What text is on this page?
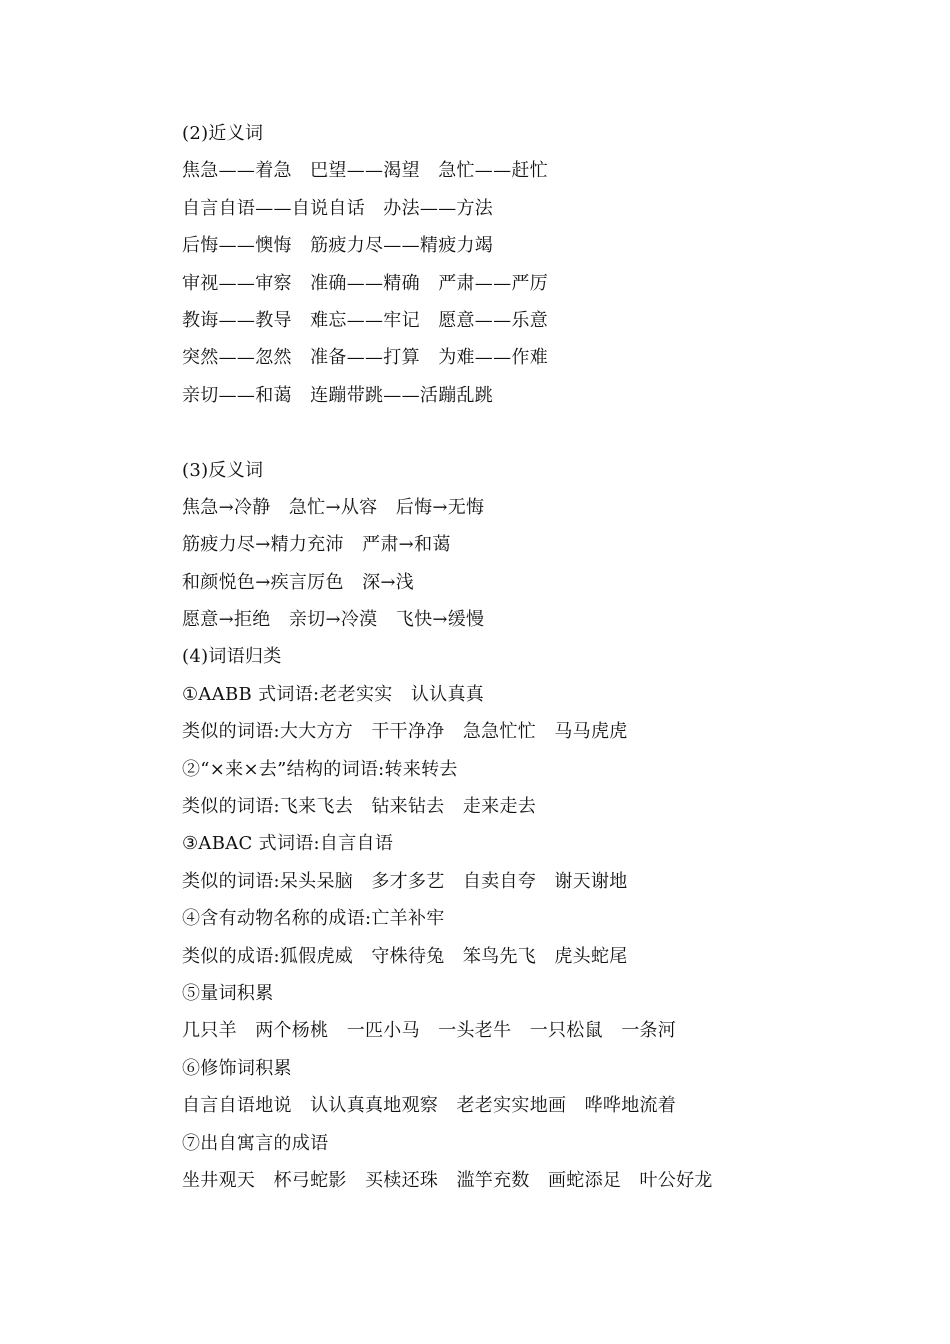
(2)近义词
焦急——着急　巴望——渴望　急忙——赶忙
自言自语——自说自话　办法——方法
后悔——懊悔　筋疲力尽——精疲力竭
审视——审察　准确——精确　严肃——严厉
教诲——教导　难忘——牢记　愿意——乐意
突然——忽然　准备——打算　为难——作难
亲切——和蔼　连蹦带跳——活蹦乱跳
(3)反义词
焦急→冷静　急忙→从容　后悔→无悔
筋疲力尽→精力充沛　严肃→和蔼
和颜悦色→疾言厉色　深→浅
愿意→拒绝　亲切→冷漠　飞快→缓慢
(4)词语归类
①AABB 式词语:老老实实　认认真真
类似的词语:大大方方　干干净净　急急忙忙　马马虎虎
②“×来×去”结构的词语:转来转去
类似的词语:飞来飞去　钻来钻去　走来走去
③ABAC 式词语:自言自语
类似的词语:呆头呆脑　多才多艺　自卖自夸　谢天谢地
④含有动物名称的成语:亡羊补牢
类似的成语:狐假虎威　守株待兔　笨鸟先飞　虎头蛇尾
⑤量词积累
几只羊　两个杨桃　一匹小马　一头老牛　一只松鼠　一条河
⑥修饰词积累
自言自语地说　认认真真地观察　老老实实地画　哗哗地流着
⑦出自寓言的成语
坐井观天　杯弓蛇影　买椟还珠　滥竽充数　画蛇添足　叶公好龙
